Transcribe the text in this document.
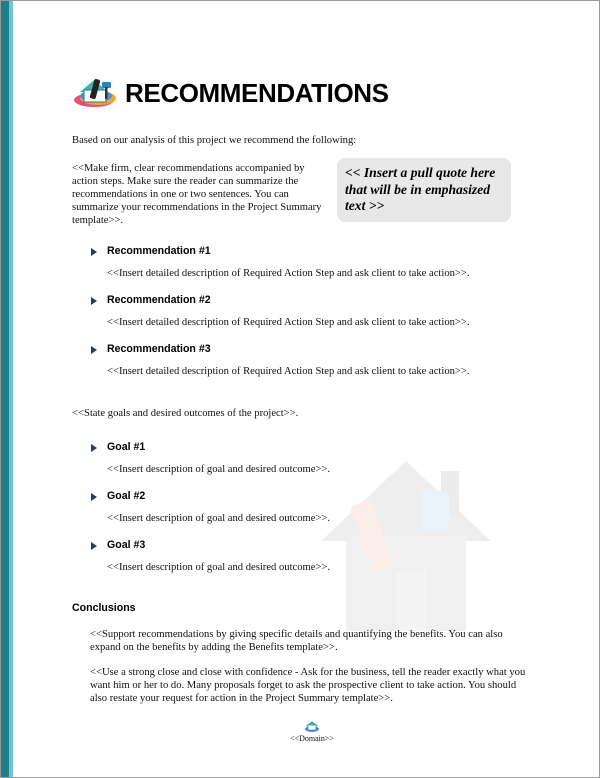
RECOMMENDATIONS

Based on our analysis of this project we recommend the following:

<<Make firm, clear recommendations accompanied by action steps. Make sure the reader can summarize the recommendations in one or two sentences. You can summarize your recommendations in the Project Summary template>>.

<< Insert a pull quote here that will be in emphasized text >>

Recommendation #1

<<Insert detailed description of Required Action Step and ask client to take action>>.

Recommendation #2

<<Insert detailed description of Required Action Step and ask client to take action>>.

Recommendation #3

<<Insert detailed description of Required Action Step and ask client to take action>>.

<<State goals and desired outcomes of the project>>.

Goal #1

<<Insert description of goal and desired outcome>>.

Goal #2

<<Insert description of goal and desired outcome>>.

Goal #3

<<Insert description of goal and desired outcome>>.

Conclusions

<<Support recommendations by giving specific details and quantifying the benefits. You can also expand on the benefits by adding the Benefits template>>.

<<Use a strong close and close with confidence - Ask for the business, tell the reader exactly what you want him or her to do. Many proposals forget to ask the prospective client to take action. You should also restate your request for action in the Project Summary template>>.

<<Domain>>
